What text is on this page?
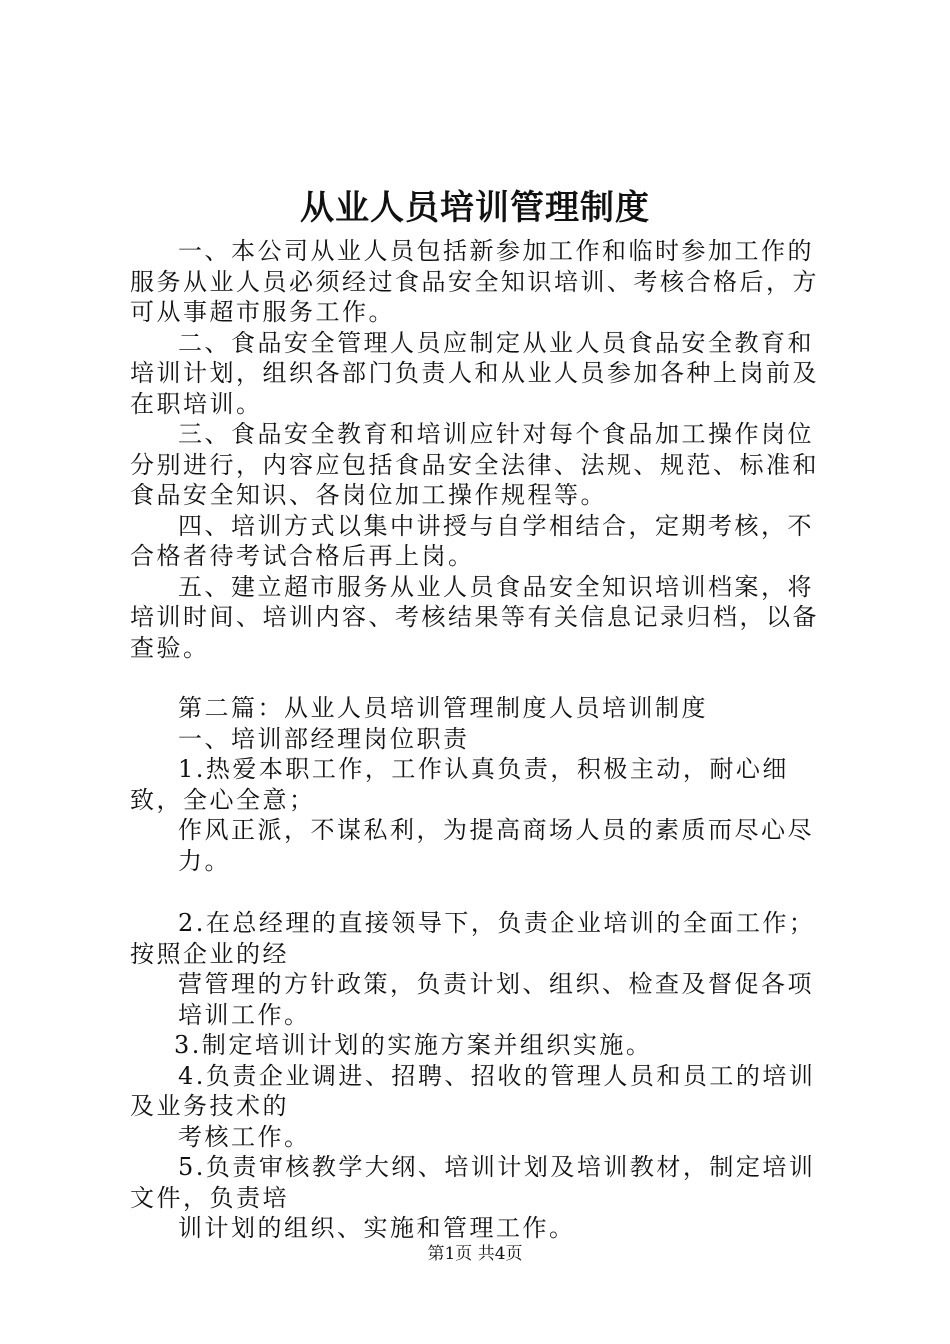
从业人员培训管理制度

一、本公司从业人员包括新参加工作和临时参加工作的服务从业人员必须经过食品安全知识培训、考核合格后，方可从事超市服务工作。

二、食品安全管理人员应制定从业人员食品安全教育和培训计划，组织各部门负责人和从业人员参加各种上岗前及在职培训。

三、食品安全教育和培训应针对每个食品加工操作岗位分别进行，内容应包括食品安全法律、法规、规范、标准和食品安全知识、各岗位加工操作规程等。

四、培训方式以集中讲授与自学相结合，定期考核，不合格者待考试合格后再上岗。

五、建立超市服务从业人员食品安全知识培训档案，将培训时间、培训内容、考核结果等有关信息记录归档，以备查验。

第二篇：从业人员培训管理制度人员培训制度

一、培训部经理岗位职责

1.热爱本职工作，工作认真负责，积极主动，耐心细致，全心全意；

作风正派，不谋私利，为提高商场人员的素质而尽心尽力。

2.在总经理的直接领导下，负责企业培训的全面工作；按照企业的经

营管理的方针政策，负责计划、组织、检查及督促各项培训工作。

3.制定培训计划的实施方案并组织实施。

4.负责企业调进、招聘、招收的管理人员和员工的培训及业务技术的

考核工作。

5.负责审核教学大纲、培训计划及培训教材，制定培训文件，负责培

训计划的组织、实施和管理工作。

第1页 共4页
